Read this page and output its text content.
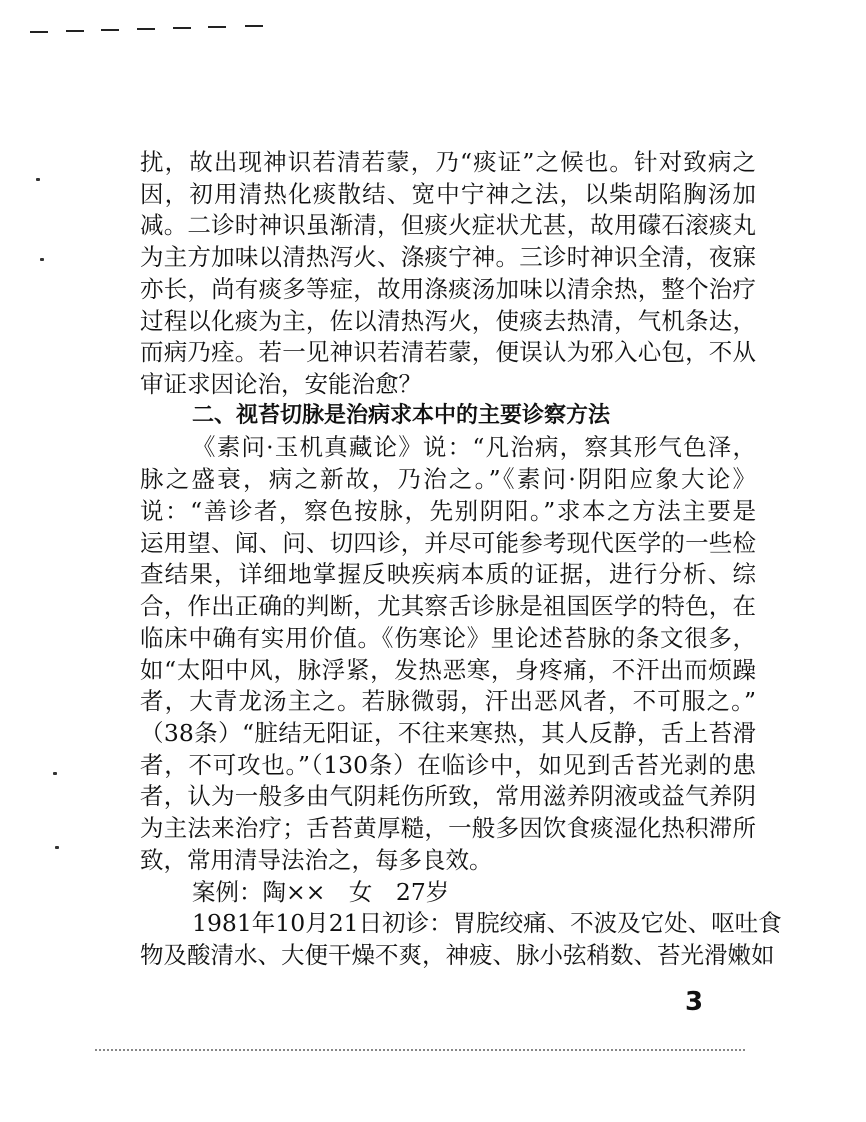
扰，故出现神识若清若蒙，乃“痰证”之候也。针对致病之
因，初用清热化痰散结、宽中宁神之法，以柴胡陷胸汤加
减。二诊时神识虽渐清，但痰火症状尤甚，故用礞石滚痰丸
为主方加味以清热泻火、涤痰宁神。三诊时神识全清，夜寐
亦长，尚有痰多等症，故用涤痰汤加味以清余热，整个治疗
过程以化痰为主，佐以清热泻火，使痰去热清，气机条达，
而病乃痊。若一见神识若清若蒙，便误认为邪入心包，不从
审证求因论治，安能治愈？
二、视苔切脉是治病求本中的主要诊察方法
《素问·玉机真藏论》说：“凡治病，察其形气色泽，
脉之盛衰，病之新故，乃治之。”《素问·阴阳应象大论》
说：“善诊者，察色按脉，先别阴阳。”求本之方法主要是
运用望、闻、问、切四诊，并尽可能参考现代医学的一些检
查结果，详细地掌握反映疾病本质的证据，进行分析、综
合，作出正确的判断，尤其察舌诊脉是祖国医学的特色，在
临床中确有实用价值。《伤寒论》里论述苔脉的条文很多，
如“太阳中风，脉浮紧，发热恶寒，身疼痛，不汗出而烦躁
者，大青龙汤主之。若脉微弱，汗出恶风者，不可服之。”
（38条）“脏结无阳证，不往来寒热，其人反静，舌上苔滑
者，不可攻也。”（130条）在临诊中，如见到舌苔光剥的患
者，认为一般多由气阴耗伤所致，常用滋养阴液或益气养阴
为主法来治疗；舌苔黄厚糙，一般多因饮食痰湿化热积滞所
致，常用清导法治之，每多良效。
案例：陶××　女　27岁
1981年10月21日初诊：胃脘绞痛、不波及它处、呕吐食
物及酸清水、大便干燥不爽，神疲、脉小弦稍数、苔光滑嫩如
3
